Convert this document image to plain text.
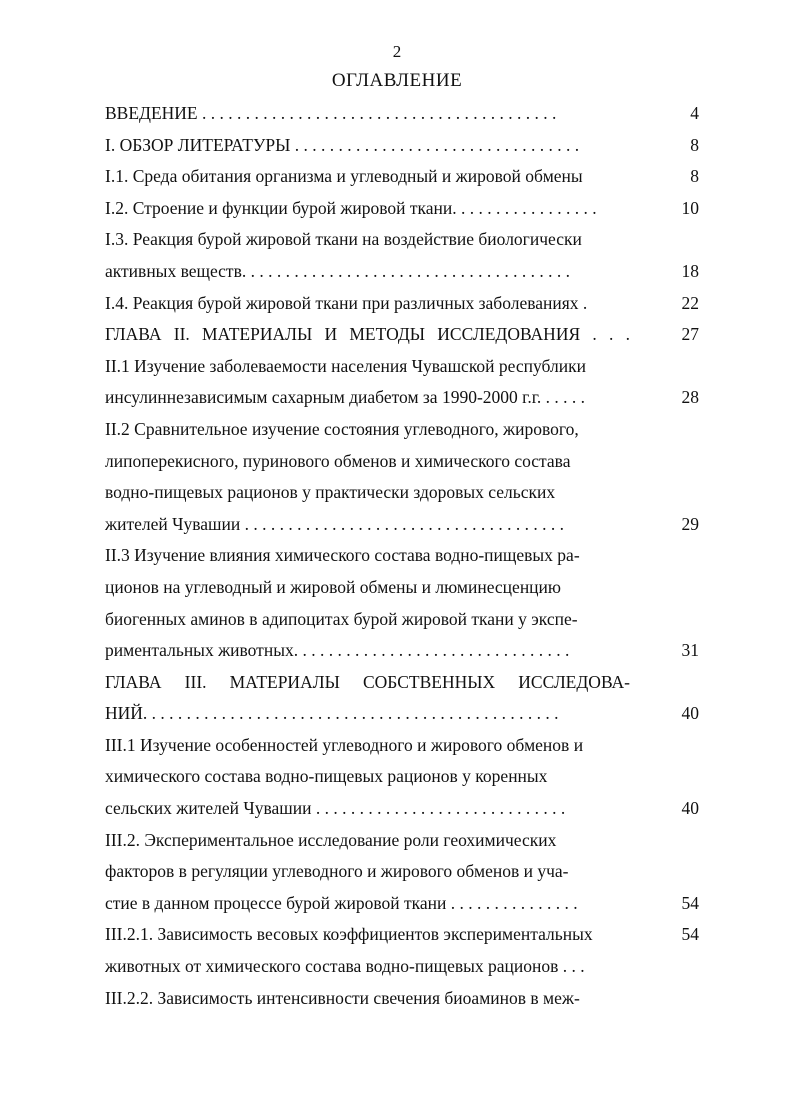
2
ОГЛАВЛЕНИЕ
ВВЕДЕНИЕ . . . . . . . . . . . . . . . . . . . . . . . . . . . . . . . . . . . . . . . . .	4
I. ОБЗОР ЛИТЕРАТУРЫ . . . . . . . . . . . . . . . . . . . . . . . . . . . . . . . . .	8
I.1. Среда обитания организма и углеводный и жировой обмены	8
I.2. Строение и функции бурой жировой ткани. . . . . . . . . . . . . . . . .	10
I.3. Реакция бурой жировой ткани на воздействие биологически
активных веществ. . . . . . . . . . . . . . . . . . . . . . . . . . . . . . . . . . . . . .	18
I.4. Реакция бурой жировой ткани при различных заболеваниях .	22
ГЛАВА II. МАТЕРИАЛЫ И МЕТОДЫ ИССЛЕДОВАНИЯ . . .	27
II.1 Изучение заболеваемости населения Чувашской республики
инсулиннезависимым сахарным диабетом за 1990-2000 г.г. . . . . .	28
II.2 Сравнительное изучение состояния углеводного, жирового,
липоперекисного, пуринового обменов и химического состава
водно-пищевых рационов у практически здоровых сельских
жителей Чувашии . . . . . . . . . . . . . . . . . . . . . . . . . . . . . . . . . . . . .	29
II.3 Изучение влияния химического состава водно-пищевых ра-
ционов на углеводный и жировой обмены и люминесценцию
биогенных аминов в адипоцитах бурой жировой ткани у экспе-
риментальных животных. . . . . . . . . . . . . . . . . . . . . . . . . . . . . . . .	31
ГЛАВА III. МАТЕРИАЛЫ СОБСТВЕННЫХ ИССЛЕДОВА-
НИЙ. . . . . . . . . . . . . . . . . . . . . . . . . . . . . . . . . . . . . . . . . . . . . . . .	40
III.1 Изучение особенностей углеводного и жирового обменов и
химического состава водно-пищевых рационов у коренных
сельских жителей Чувашии . . . . . . . . . . . . . . . . . . . . . . . . . . . . .	40
III.2. Экспериментальное исследование роли геохимических
факторов в регуляции углеводного и жирового обменов и уча-
стие в данном процессе бурой жировой ткани . . . . . . . . . . . . . . .	54
III.2.1. Зависимость весовых коэффициентов экспериментальных	54
животных от химического состава водно-пищевых рационов . . .
III.2.2. Зависимость интенсивности свечения биоаминов в меж-
